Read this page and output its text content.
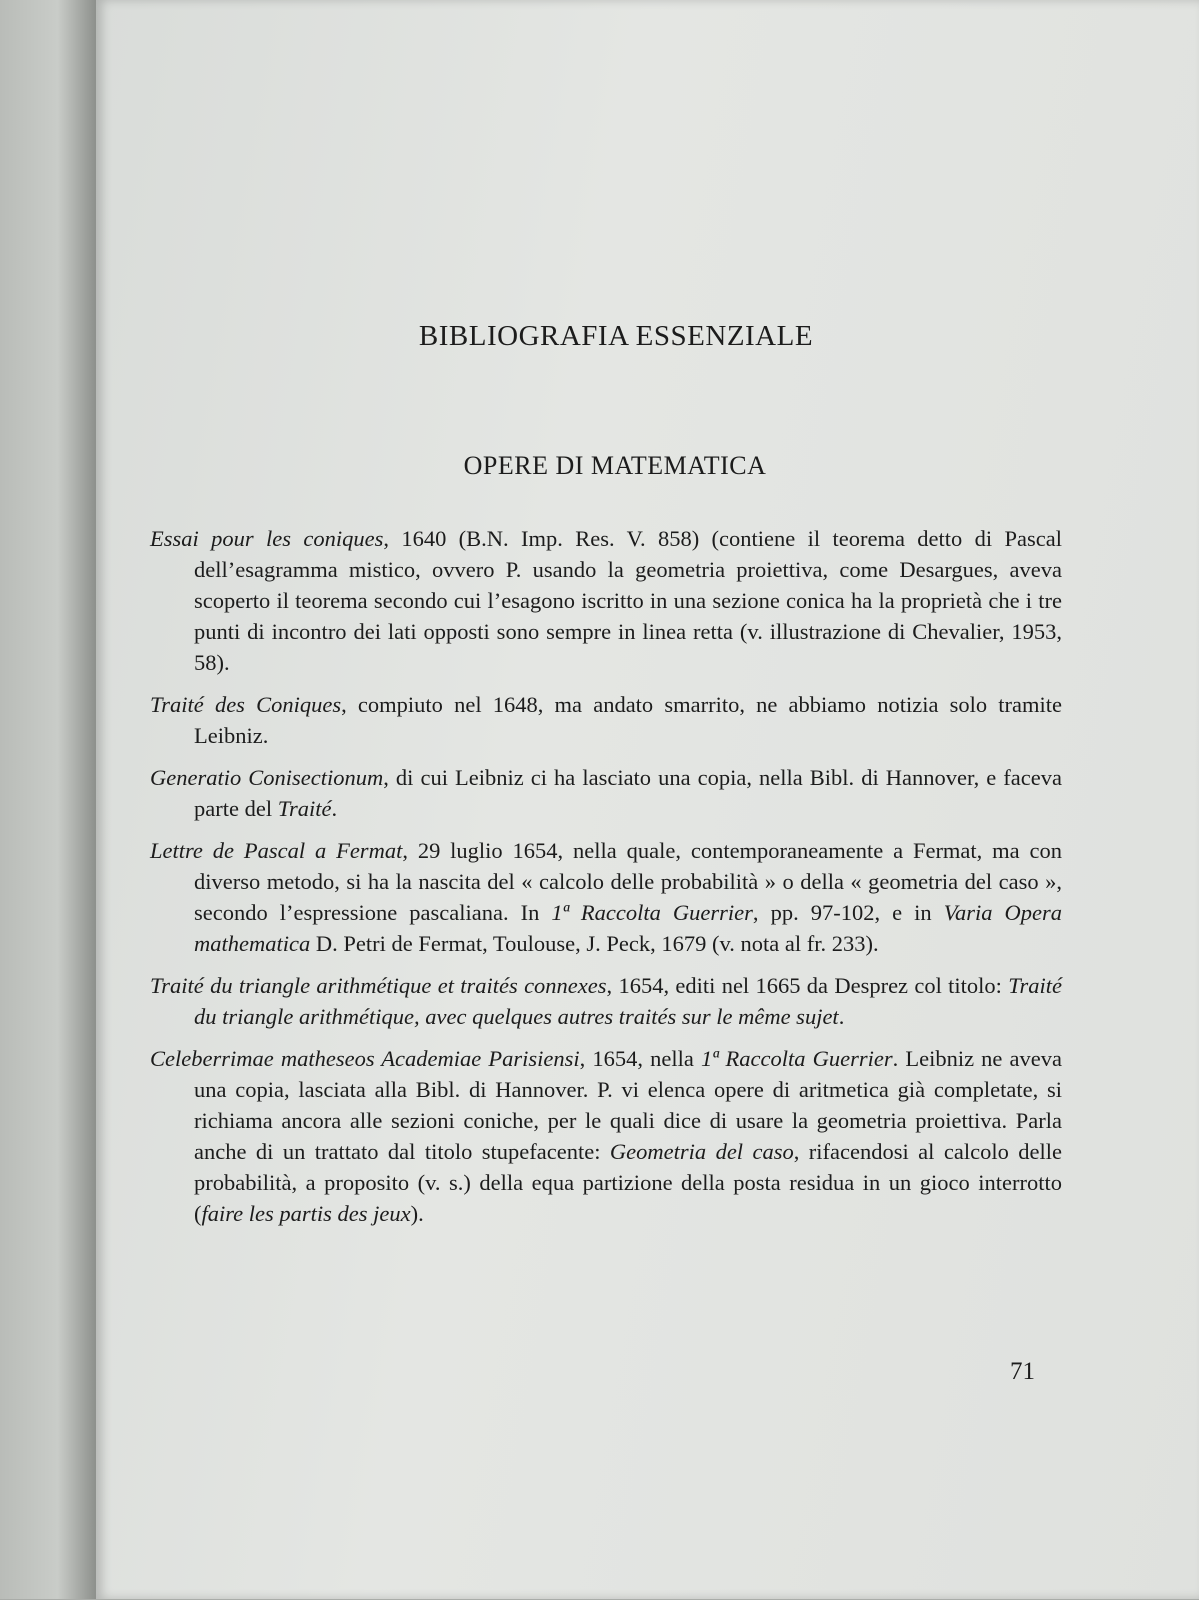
BIBLIOGRAFIA ESSENZIALE
OPERE DI MATEMATICA

Essai pour les coniques, 1640 (B.N. Imp. Res. V. 858) (contiene il teorema detto di Pascal dell’esagramma mistico, ovvero P. usando la geometria proiettiva, come Desargues, aveva scoperto il teorema secondo cui l’esagono iscritto in una sezione conica ha la proprietà che i tre punti di incontro dei lati opposti sono sempre in linea retta (v. illustrazione di Chevalier, 1953, 58).

Traité des Coniques, compiuto nel 1648, ma andato smarrito, ne abbiamo notizia solo tramite Leibniz.

Generatio Conisectionum, di cui Leibniz ci ha lasciato una copia, nella Bibl. di Hannover, e faceva parte del Traité.

Lettre de Pascal a Fermat, 29 luglio 1654, nella quale, contemporaneamente a Fermat, ma con diverso metodo, si ha la nascita del « calcolo delle probabilità » o della « geometria del caso », secondo l’espressione pascaliana. In 1ª Raccolta Guerrier, pp. 97-102, e in Varia Opera mathematica D. Petri de Fermat, Toulouse, J. Peck, 1679 (v. nota al fr. 233).

Traité du triangle arithmétique et traités connexes, 1654, editi nel 1665 da Desprez col titolo: Traité du triangle arithmétique, avec quelques autres traités sur le même sujet.

Celeberrimae matheseos Academiae Parisiensi, 1654, nella 1ª Raccolta Guerrier. Leibniz ne aveva una copia, lasciata alla Bibl. di Hannover. P. vi elenca opere di aritmetica già completate, si richiama ancora alle sezioni coniche, per le quali dice di usare la geometria proiettiva. Parla anche di un trattato dal titolo stupefacente: Geometria del caso, rifacendosi al calcolo delle probabilità, a proposito (v. s.) della equa partizione della posta residua in un gioco interrotto (faire les partis des jeux).

71
